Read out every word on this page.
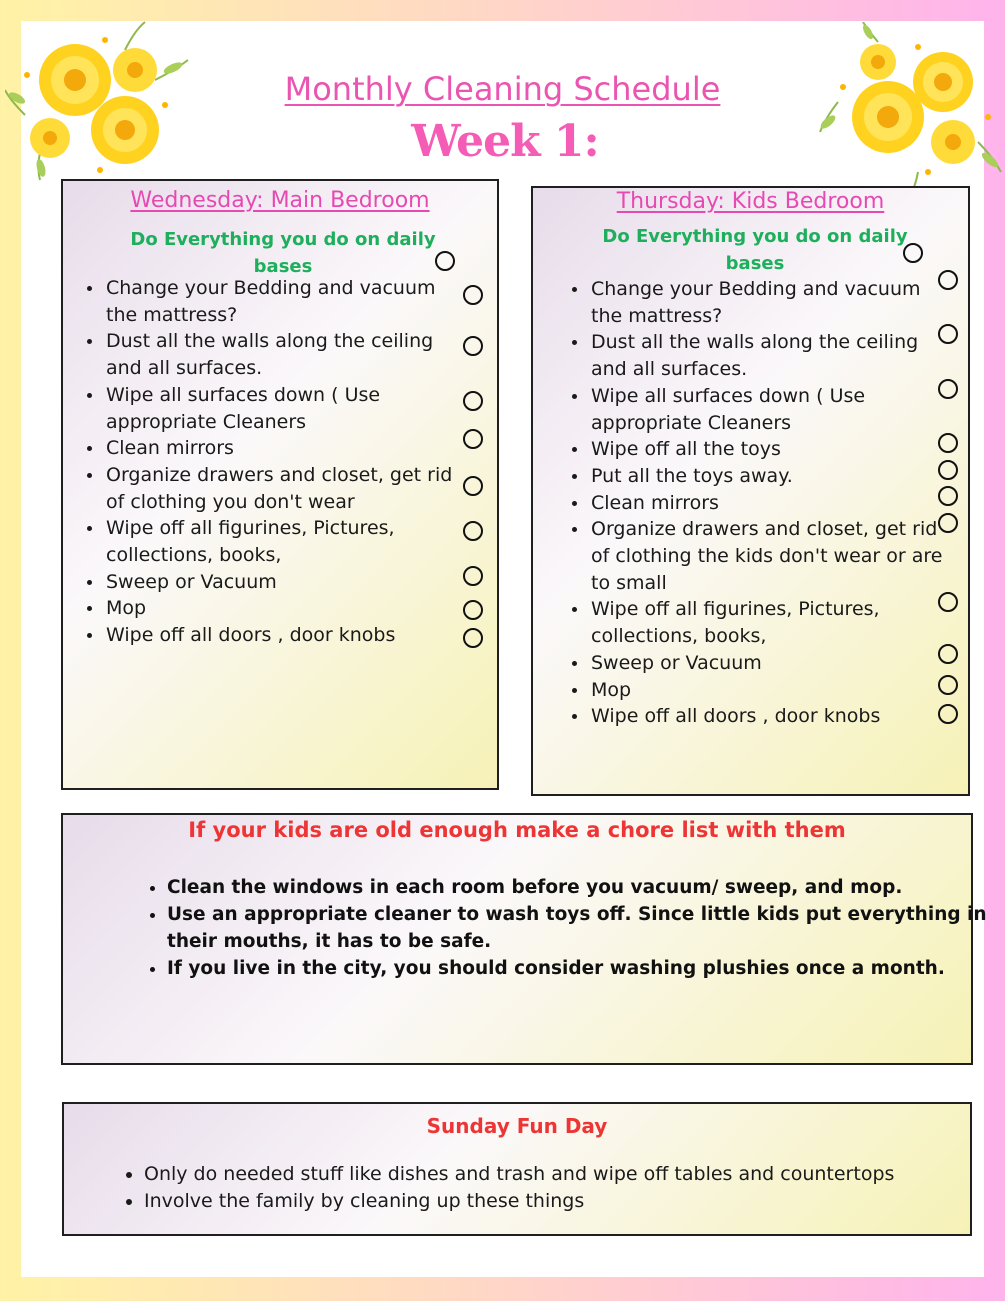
Monthly Cleaning Schedule
Week 1:
Wednesday: Main Bedroom
Do Everything you do on daily bases
• Change your Bedding and vacuum the mattress?
• Dust all the walls along the ceiling and all surfaces.
• Wipe all surfaces down ( Use appropriate Cleaners
• Clean mirrors
• Organize drawers and closet, get rid of clothing you don't wear
• Wipe off all figurines, Pictures, collections, books,
• Sweep or Vacuum
• Mop
• Wipe off all doors , door knobs
Thursday: Kids Bedroom
Do Everything you do on daily bases
• Change your Bedding and vacuum the mattress?
• Dust all the walls along the ceiling and all surfaces.
• Wipe all surfaces down ( Use appropriate Cleaners
• Wipe off all the toys
• Put all the toys away.
• Clean mirrors
• Organize drawers and closet, get rid of clothing the kids don't wear or are to small
• Wipe off all figurines, Pictures, collections, books,
• Sweep or Vacuum
• Mop
• Wipe off all doors , door knobs
If your kids are old enough make a chore list with them
• Clean the windows in each room before you vacuum/ sweep, and mop.
• Use an appropriate cleaner to wash toys off. Since little kids put everything in their mouths, it has to be safe.
• If you live in the city, you should consider washing plushies once a month.
Sunday Fun Day
• Only do needed stuff like dishes and trash and wipe off tables and countertops
• Involve the family by cleaning up these things
